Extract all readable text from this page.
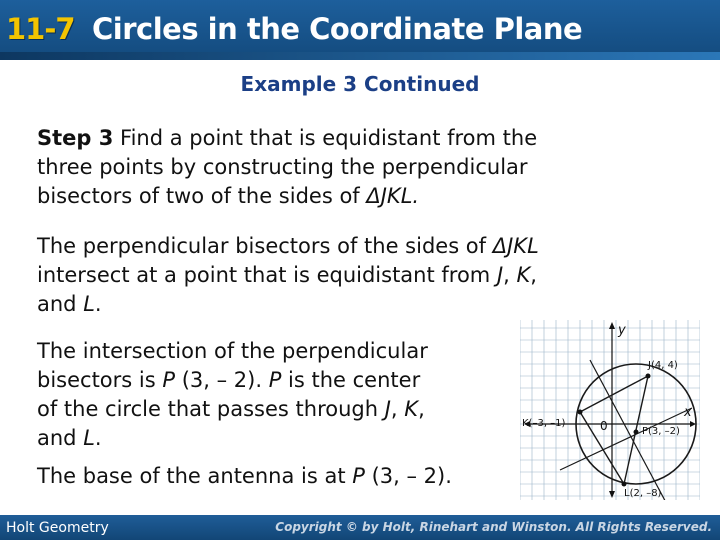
11-7 Circles in the Coordinate Plane
Example 3 Continued
Step 3 Find a point that is equidistant from the
three points by constructing the perpendicular
bisectors of two of the sides of ΔJKL.
The perpendicular bisectors of the sides of ΔJKL
intersect at a point that is equidistant from J, K,
and L.
The intersection of the perpendicular
bisectors is P (3, – 2). P is the center
of the circle that passes through J, K,
and L.
The base of the antenna is at P (3, – 2).
y
x
0
J(4, 4)
K(–3, –1)
P(3, –2)
L(2, –8)
Holt Geometry	Copyright © by Holt, Rinehart and Winston. All Rights Reserved.
